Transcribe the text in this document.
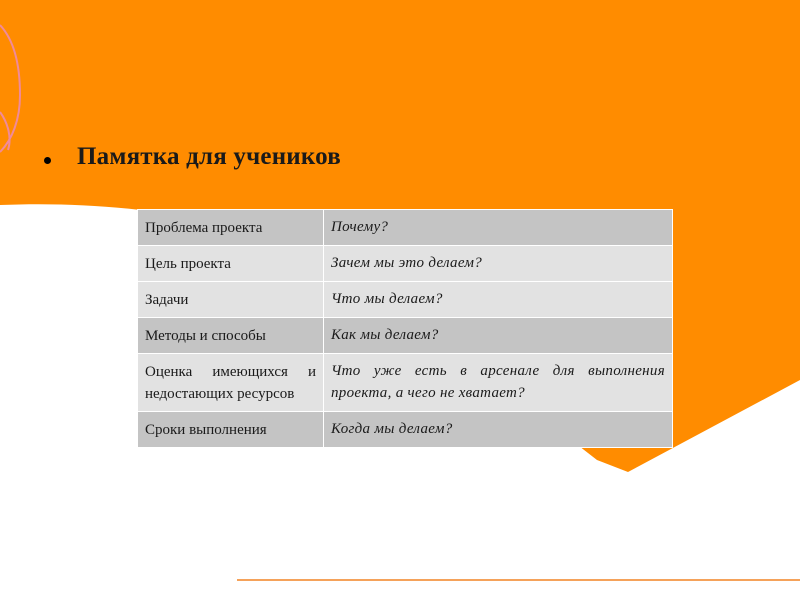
Памятка для учеников
Проблема проекта	Почему?
Цель проекта	Зачем мы это делаем?
Задачи	Что мы делаем?
Методы и способы	Как мы делаем?
Оценка имеющихся и недостающих ресурсов	Что уже есть в арсенале для выполнения проекта, а чего не хватает?
Сроки выполнения	Когда мы делаем?
